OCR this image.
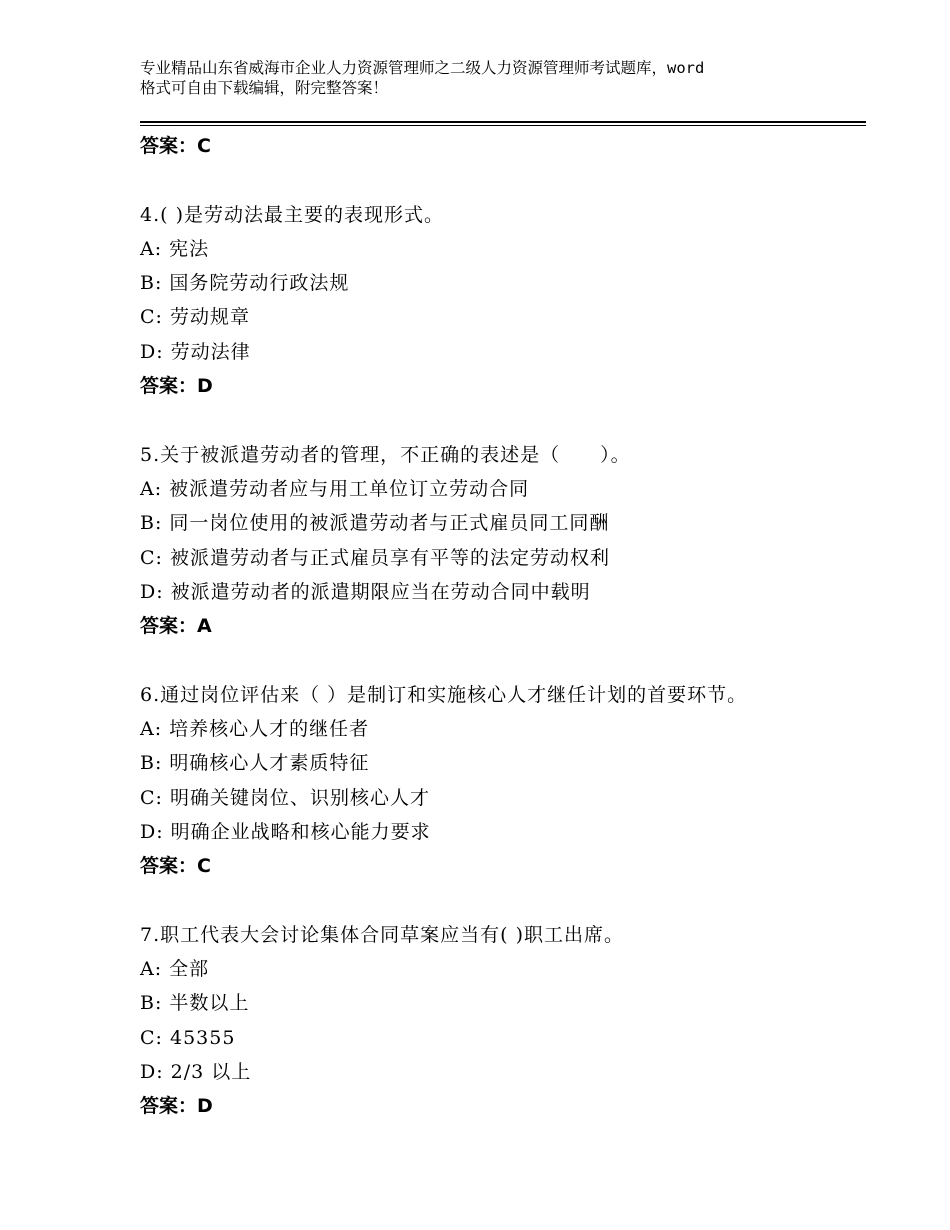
专业精品山东省威海市企业人力资源管理师之二级人力资源管理师考试题库，word
格式可自由下载编辑，附完整答案！
答案：C
4.( )是劳动法最主要的表现形式。
A: 宪法
B: 国务院劳动行政法规
C: 劳动规章
D: 劳动法律
答案：D
5.关于被派遣劳动者的管理，不正确的表述是（　　）。
A: 被派遣劳动者应与用工单位订立劳动合同
B: 同一岗位使用的被派遣劳动者与正式雇员同工同酬
C: 被派遣劳动者与正式雇员享有平等的法定劳动权利
D: 被派遣劳动者的派遣期限应当在劳动合同中载明
答案：A
6.通过岗位评估来（ ）是制订和实施核心人才继任计划的首要环节。
A: 培养核心人才的继任者
B: 明确核心人才素质特征
C: 明确关键岗位、识别核心人才
D: 明确企业战略和核心能力要求
答案：C
7.职工代表大会讨论集体合同草案应当有( )职工出席。
A: 全部
B: 半数以上
C: 45355
D: 2/3 以上
答案：D
